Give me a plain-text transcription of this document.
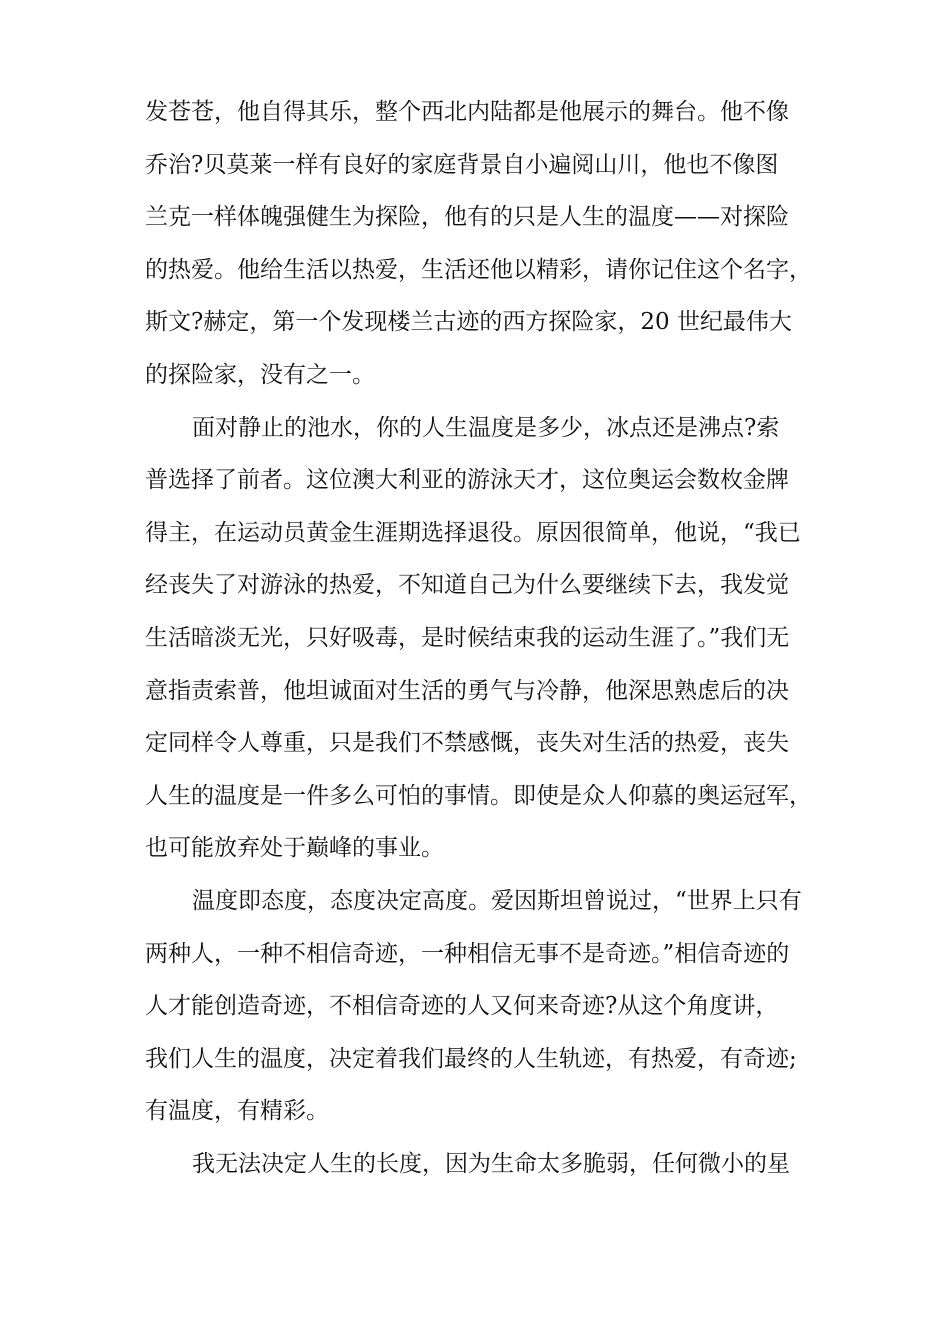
发苍苍，他自得其乐，整个西北内陆都是他展示的舞台。他不像
乔治?贝莫莱一样有良好的家庭背景自小遍阅山川，他也不像图
兰克一样体魄强健生为探险，他有的只是人生的温度——对探险
的热爱。他给生活以热爱，生活还他以精彩，请你记住这个名字，
斯文?赫定，第一个发现楼兰古迹的西方探险家，20 世纪最伟大
的探险家，没有之一。
面对静止的池水，你的人生温度是多少，冰点还是沸点?索
普选择了前者。这位澳大利亚的游泳天才，这位奥运会数枚金牌
得主，在运动员黄金生涯期选择退役。原因很简单，他说，“我已
经丧失了对游泳的热爱，不知道自己为什么要继续下去，我发觉
生活暗淡无光，只好吸毒，是时候结束我的运动生涯了。”我们无
意指责索普，他坦诚面对生活的勇气与冷静，他深思熟虑后的决
定同样令人尊重，只是我们不禁感慨，丧失对生活的热爱，丧失
人生的温度是一件多么可怕的事情。即使是众人仰慕的奥运冠军，
也可能放弃处于巅峰的事业。
温度即态度，态度决定高度。爱因斯坦曾说过，“世界上只有
两种人，一种不相信奇迹，一种相信无事不是奇迹。”相信奇迹的
人才能创造奇迹，不相信奇迹的人又何来奇迹?从这个角度讲，
我们人生的温度，决定着我们最终的人生轨迹，有热爱，有奇迹;
有温度，有精彩。
我无法决定人生的长度，因为生命太多脆弱，任何微小的星
